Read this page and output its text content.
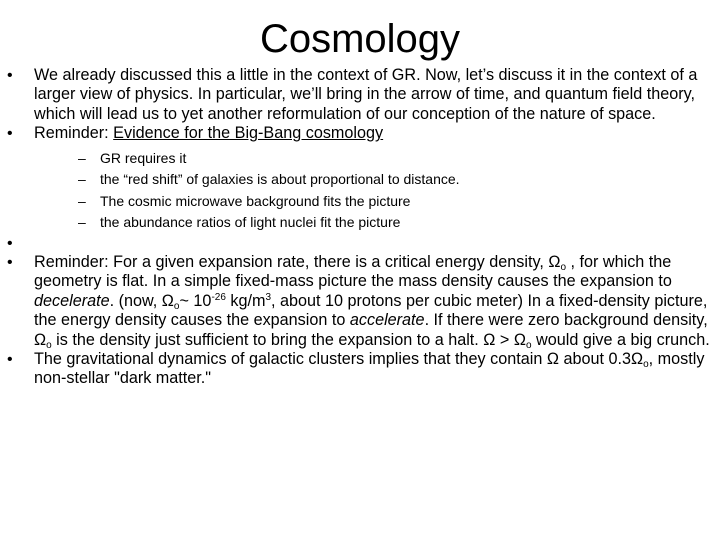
Cosmology
• We already discussed this a little in the context of GR. Now, let’s discuss it in the context of a larger view of physics. In particular, we’ll bring in the arrow of time, and quantum field theory, which will lead us to yet another reformulation of our conception of the nature of space.
• Reminder: Evidence for the Big-Bang cosmology
– GR requires it
– the “red shift” of galaxies is about proportional to distance.
– The cosmic microwave background fits the picture
– the abundance ratios of light nuclei fit the picture
•

• Reminder: For a given expansion rate, there is a critical energy density, $\Omega_o$ , for which the geometry is flat. In a simple fixed-mass picture the mass density causes the expansion to decelerate. (now, $\Omega_o\sim$ $10^{-26}$ $kg/m^3$, about 10 protons per cubic meter) In a fixed-density picture, the energy density causes the expansion to accelerate. If there were zero background density, $\Omega_o$ is the density just sufficient to bring the expansion to a halt. $\Omega > \Omega_o$ would give a big crunch.
• The gravitational dynamics of galactic clusters implies that they contain Ω about $0.3\Omega_o$, mostly non-stellar "dark matter."
